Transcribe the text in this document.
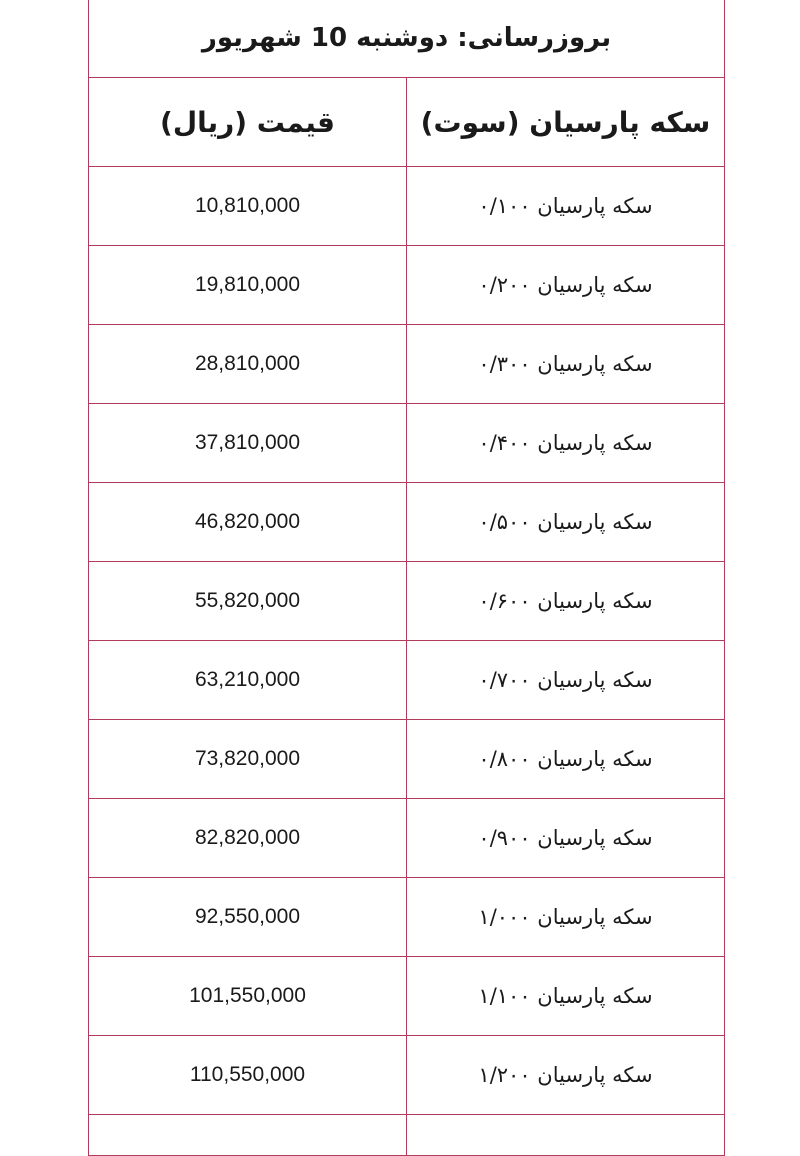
بروزرسانی: دوشنبه 10 شهریور	
سکه پارسیان (سوت)	قیمت (ریال)
سکه پارسیان ۰/۱۰۰	10,810,000
سکه پارسیان ۰/۲۰۰	19,810,000
سکه پارسیان ۰/۳۰۰	28,810,000
سکه پارسیان ۰/۴۰۰	37,810,000
سکه پارسیان ۰/۵۰۰	46,820,000
سکه پارسیان ۰/۶۰۰	55,820,000
سکه پارسیان ۰/۷۰۰	63,210,000
سکه پارسیان ۰/۸۰۰	73,820,000
سکه پارسیان ۰/۹۰۰	82,820,000
سکه پارسیان ۱/۰۰۰	92,550,000
سکه پارسیان ۱/۱۰۰	101,550,000
سکه پارسیان ۱/۲۰۰	110,550,000
